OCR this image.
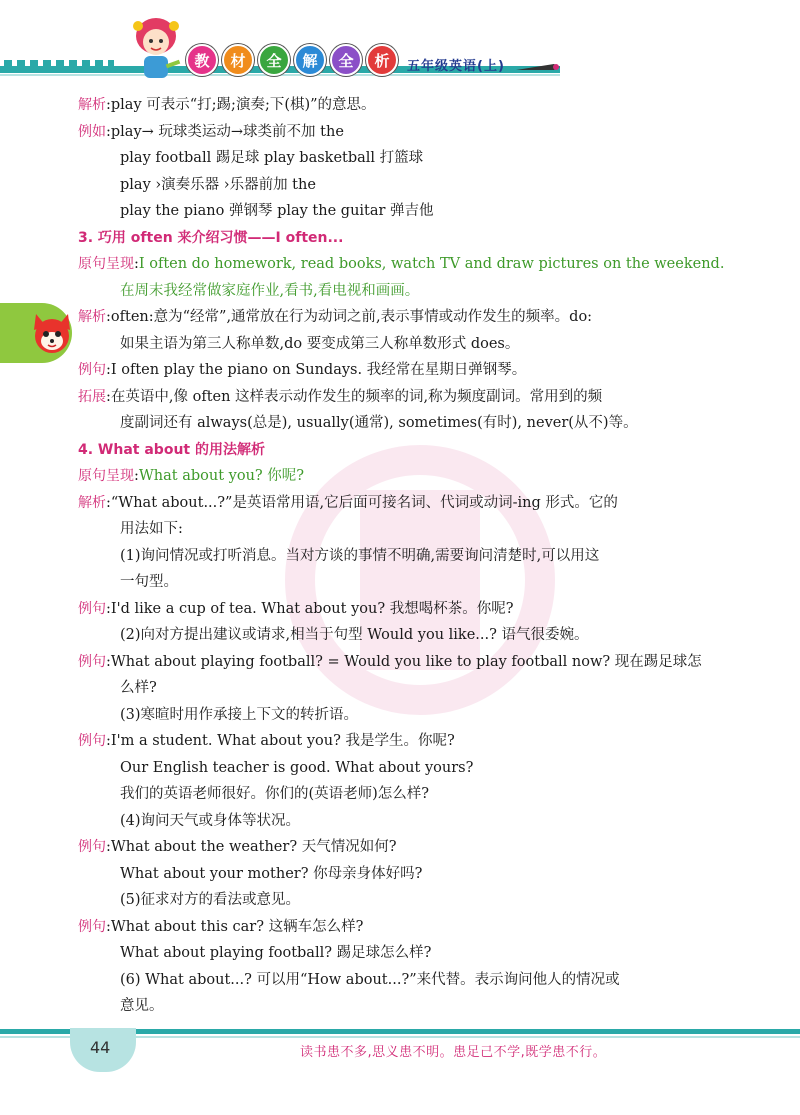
教	材	全	解	全	析	五年级英语(上)
解析:play 可表示“打;踢;演奏;下(棋)”的意思。
例如:play→ 玩球类运动→球类前不加 the
play football 踢足球 play basketball 打篮球
play ›演奏乐器 ›乐器前加 the
play the piano 弹钢琴 play the guitar 弹吉他
3. 巧用 often 来介绍习惯——I often...
原句呈现:I often do homework, read books, watch TV and draw pictures on the weekend.
在周末我经常做家庭作业,看书,看电视和画画。
解析:often:意为“经常”,通常放在行为动词之前,表示事情或动作发生的频率。do:
如果主语为第三人称单数,do 要变成第三人称单数形式 does。
例句:I often play the piano on Sundays. 我经常在星期日弹钢琴。
拓展:在英语中,像 often 这样表示动作发生的频率的词,称为频度副词。常用到的频
度副词还有 always(总是), usually(通常), sometimes(有时), never(从不)等。
4. What about 的用法解析
原句呈现:What about you? 你呢?
解析:“What about...?”是英语常用语,它后面可接名词、代词或动词-ing 形式。它的
用法如下:
(1)询问情况或打听消息。当对方谈的事情不明确,需要询问清楚时,可以用这
一句型。
例句:I'd like a cup of tea. What about you? 我想喝杯茶。你呢?
(2)向对方提出建议或请求,相当于句型 Would you like...? 语气很委婉。
例句:What about playing football? = Would you like to play football now? 现在踢足球怎
么样?
(3)寒暄时用作承接上下文的转折语。
例句:I'm a student. What about you? 我是学生。你呢?
Our English teacher is good. What about yours?
我们的英语老师很好。你们的(英语老师)怎么样?
(4)询问天气或身体等状况。
例句:What about the weather? 天气情况如何?
What about your mother? 你母亲身体好吗?
(5)征求对方的看法或意见。
例句:What about this car? 这辆车怎么样?
What about playing football? 踢足球怎么样?
(6) What about...? 可以用“How about...?”来代替。表示询问他人的情况或
意见。
44	读书患不多,思义患不明。患足己不学,既学患不行。
